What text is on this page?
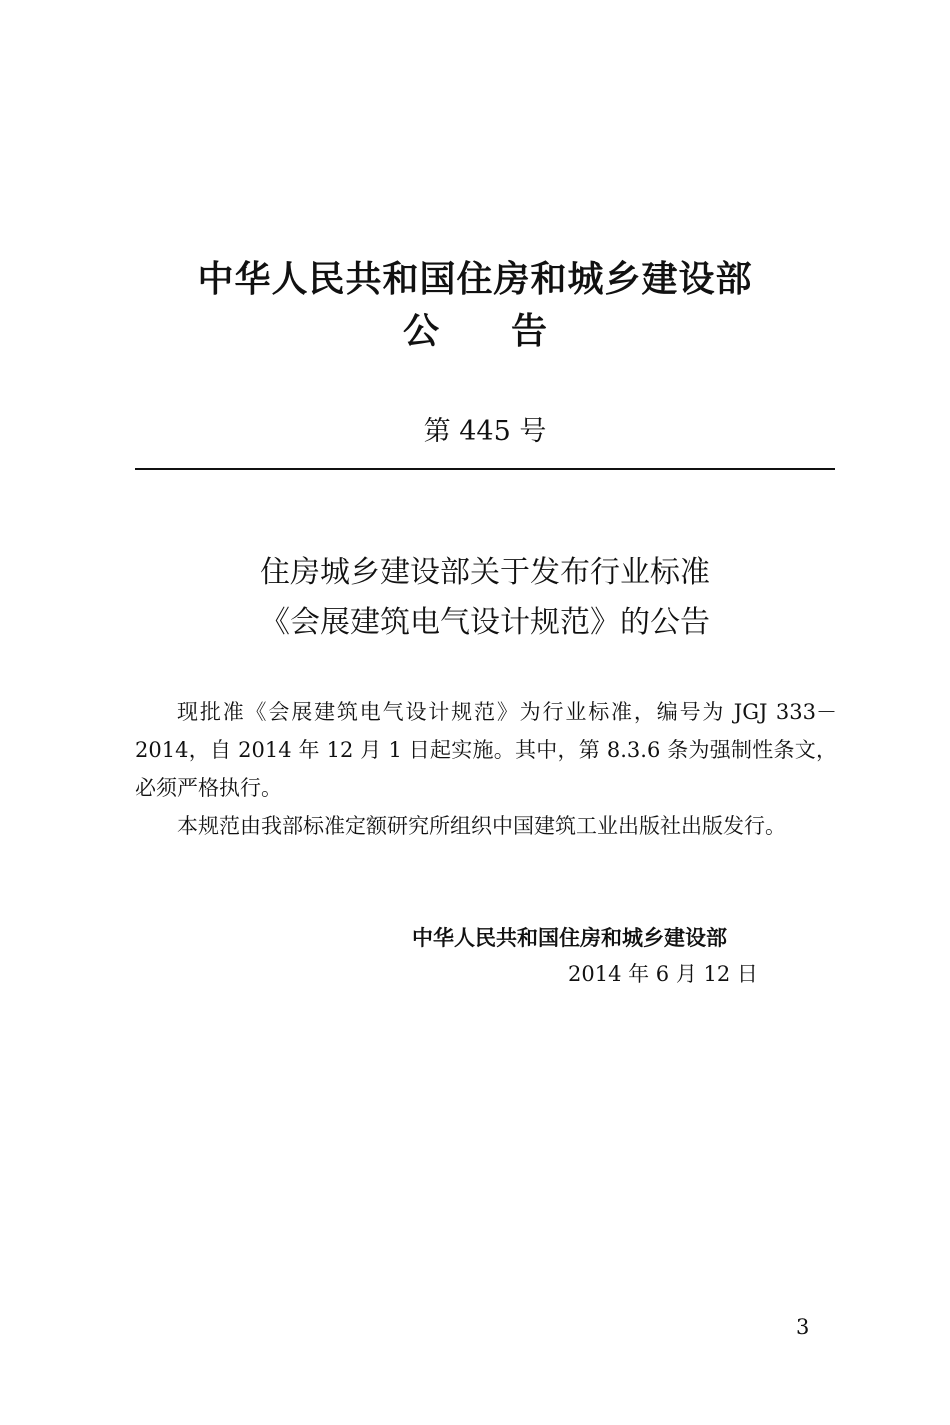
中华人民共和国住房和城乡建设部
公　　告
第 445 号
住房城乡建设部关于发布行业标准
《会展建筑电气设计规范》的公告

现批准《会展建筑电气设计规范》为行业标准，编号为 JGJ 333－2014，自 2014 年 12 月 1 日起实施。其中，第 8.3.6 条为强制性条文，必须严格执行。

本规范由我部标准定额研究所组织中国建筑工业出版社出版发行。

中华人民共和国住房和城乡建设部
2014 年 6 月 12 日
3
